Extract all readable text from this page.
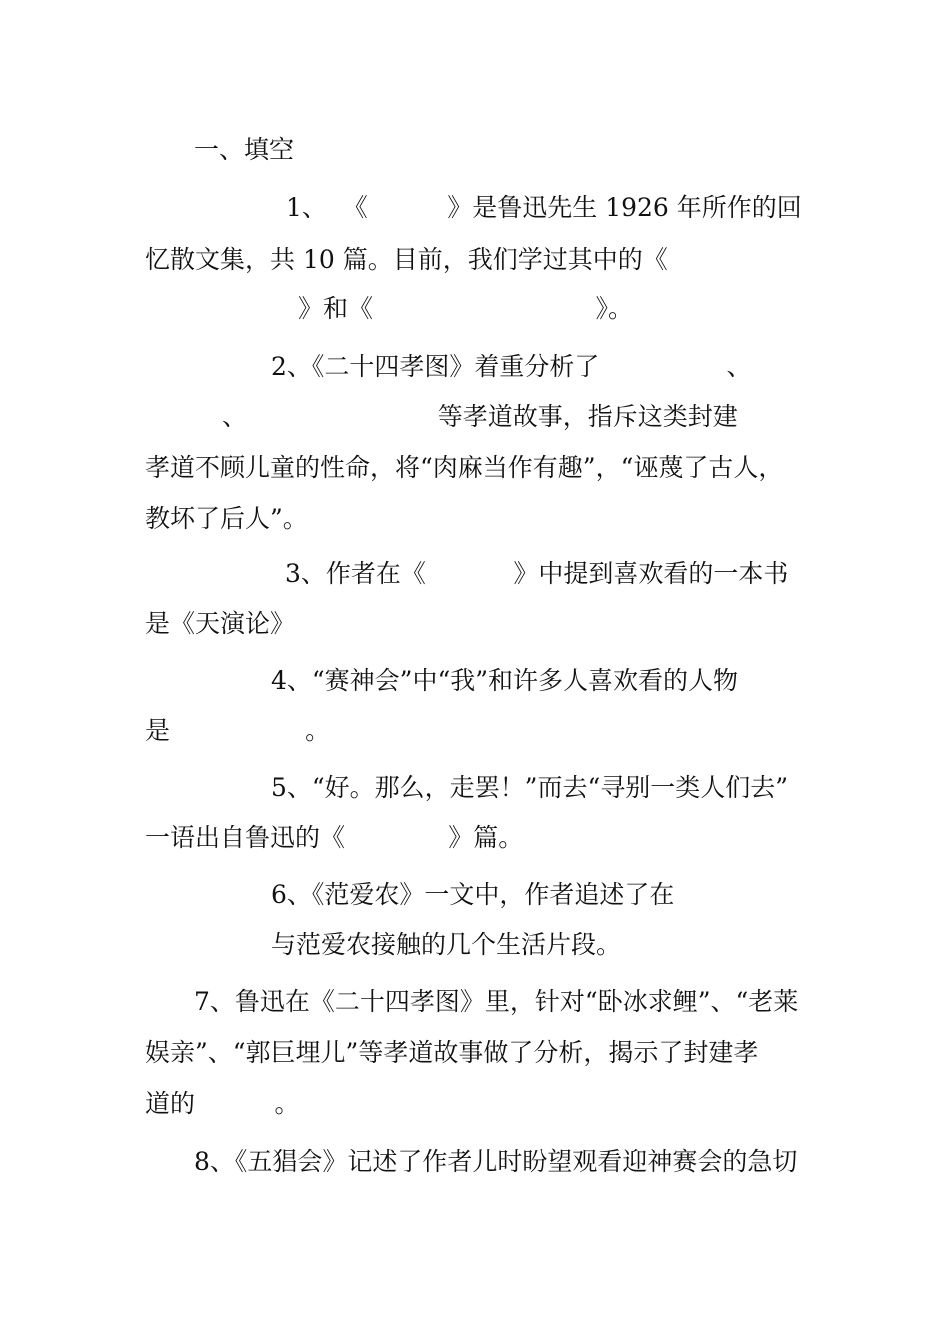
一、填空
1、  《          》是鲁迅先生 1926 年所作的回
忆散文集，共 10 篇。目前，我们学过其中的《
》和《                            》。
2、《二十四孝图》着重分析了                、
、                        等孝道故事，指斥这类封建
孝道不顾儿童的性命，将“肉麻当作有趣”，“诬蔑了古人，
教坏了后人”。
3、作者在《           》中提到喜欢看的一本书
是《天演论》
4、“赛神会”中“我”和许多人喜欢看的人物
是                 。
5、“好。那么，走罢！”而去“寻别一类人们去”
一语出自鲁迅的《             》篇。
6、《范爱农》一文中，作者追述了在
与范爱农接触的几个生活片段。
7、鲁迅在《二十四孝图》里，针对“卧冰求鲤”、“老莱
娱亲”、“郭巨埋儿”等孝道故事做了分析，揭示了封建孝
道的          。
8、《五猖会》记述了作者儿时盼望观看迎神赛会的急切
